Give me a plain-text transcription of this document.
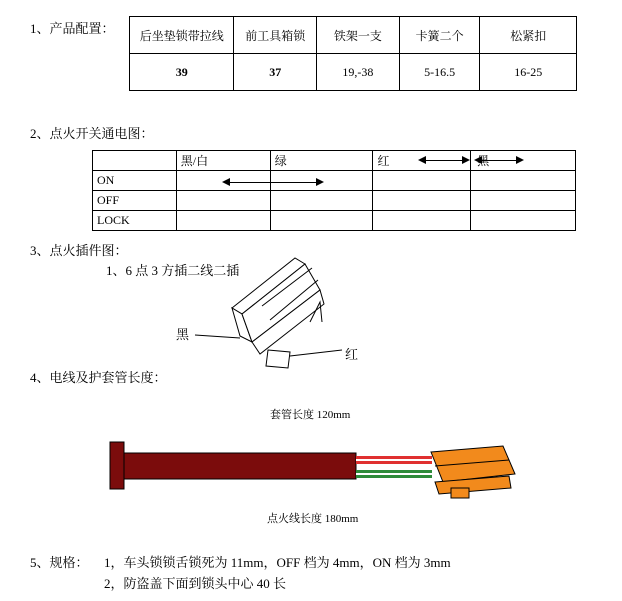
1、产品配置： 后坐垫锁带拉线	前工具箱锁	铁架一支	卡簧二个	松紧扣
39	37	19,-38	5-16.5	16-25
2、点火开关通电图：
	黑/白	绿	红	黑
ON				
OFF				
LOCK				
3、点火插件图：
1、6 点 3 方插二线二插
黑
红
4、电线及护套管长度：
套管长度 120mm
点火线长度 180mm
5、规格： 1，车头锁锁舌锁死为 11mm，OFF 档为 4mm，ON 档为 3mm
2，防盗盖下面到锁头中心 40 长
